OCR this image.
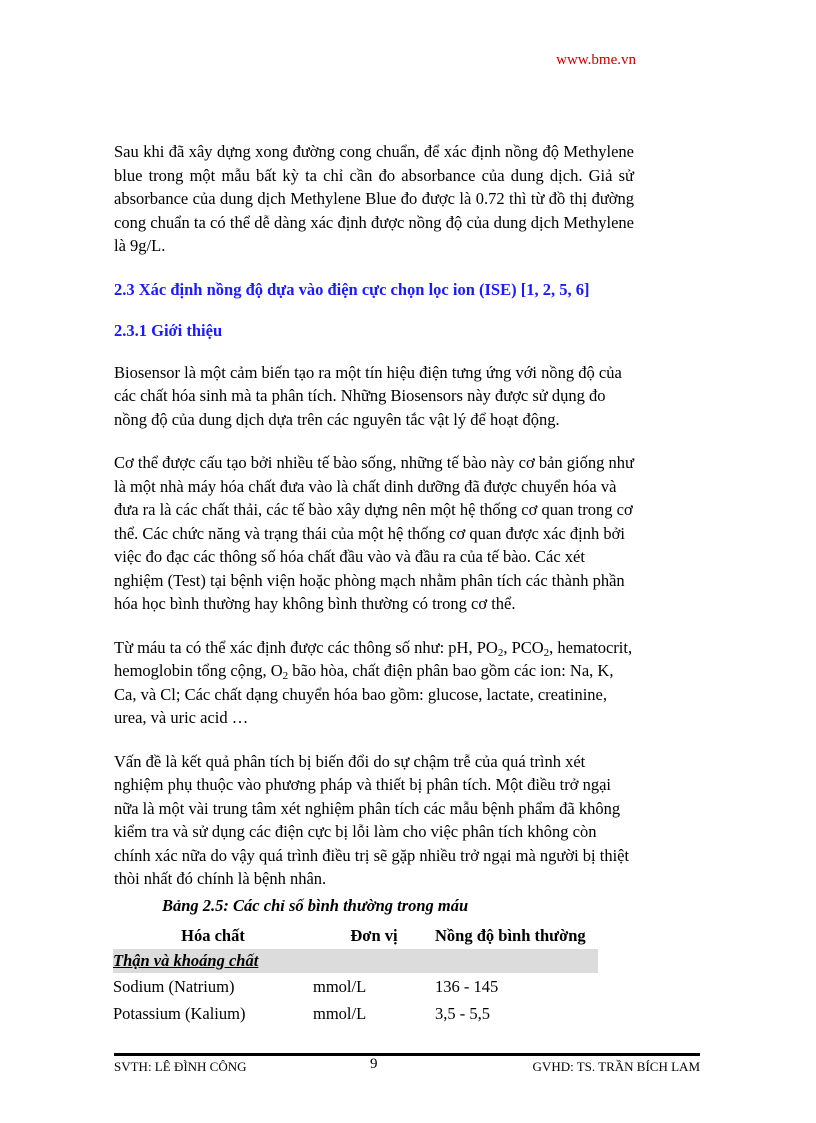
www.bme.vn

Sau khi đã xây dựng xong đường cong chuẩn, để xác định nồng độ Methylene blue trong một mẫu bất kỳ ta chỉ cần đo absorbance của dung dịch. Giả sử absorbance của dung dịch Methylene Blue đo được là 0.72 thì từ đồ thị đường cong chuẩn ta có thể dễ dàng xác định được nồng độ của dung dịch Methylene là 9g/L.

2.3 Xác định nồng độ dựa vào điện cực chọn lọc ion (ISE) [1, 2, 5, 6]
2.3.1 Giới thiệu

Biosensor là một cảm biến tạo ra một tín hiệu điện tưng ứng với nồng độ của các chất hóa sinh mà ta phân tích. Những Biosensors này được sử dụng đo nồng độ của dung dịch dựa trên các nguyên tắc vật lý để hoạt động.

Cơ thể được cấu tạo bởi nhiều tế bào sống, những tế bào này cơ bản giống như là một nhà máy hóa chất đưa vào là chất dinh dưỡng đã được chuyển hóa và đưa ra là các chất thải, các tế bào xây dựng nên một hệ thống cơ quan trong cơ thể. Các chức năng và trạng thái của một hệ thống cơ quan được xác định bởi việc đo đạc các thông số hóa chất đầu vào và đầu ra của tế bào. Các xét nghiệm (Test) tại bệnh viện hoặc phòng mạch nhằm phân tích các thành phần hóa học bình thường hay không bình thường có trong cơ thể.

Từ máu ta có thể xác định được các thông số như: pH, $PO_2$, $PCO_2$, hematocrit, hemoglobin tổng cộng, $O_2$ bão hòa, chất điện phân bao gồm các ion: Na, K, Ca, và Cl; Các chất dạng chuyển hóa bao gồm: glucose, lactate, creatinine, urea, và uric acid …

Vấn đề là kết quả phân tích bị biến đổi do sự chậm trễ của quá trình xét nghiệm phụ thuộc vào phương pháp và thiết bị phân tích. Một điều trở ngại nữa là một vài trung tâm xét nghiệm phân tích các mẫu bệnh phẩm đã không kiểm tra và sử dụng các điện cực bị lỗi làm cho việc phân tích không còn chính xác nữa do vậy quá trình điều trị sẽ gặp nhiều trở ngại mà người bị thiệt thòi nhất đó chính là bệnh nhân.

Bảng 2.5: Các chỉ số bình thường trong máu
Hóa chất	Đơn vị	Nồng độ bình thường
Thận và khoáng chất
Sodium (Natrium)	mmol/L	136 - 145
Potassium (Kalium)	mmol/L	3,5 - 5,5
SVTH: LÊ ĐÌNH CÔNG	9	GVHD: TS. TRẦN BÍCH LAM
